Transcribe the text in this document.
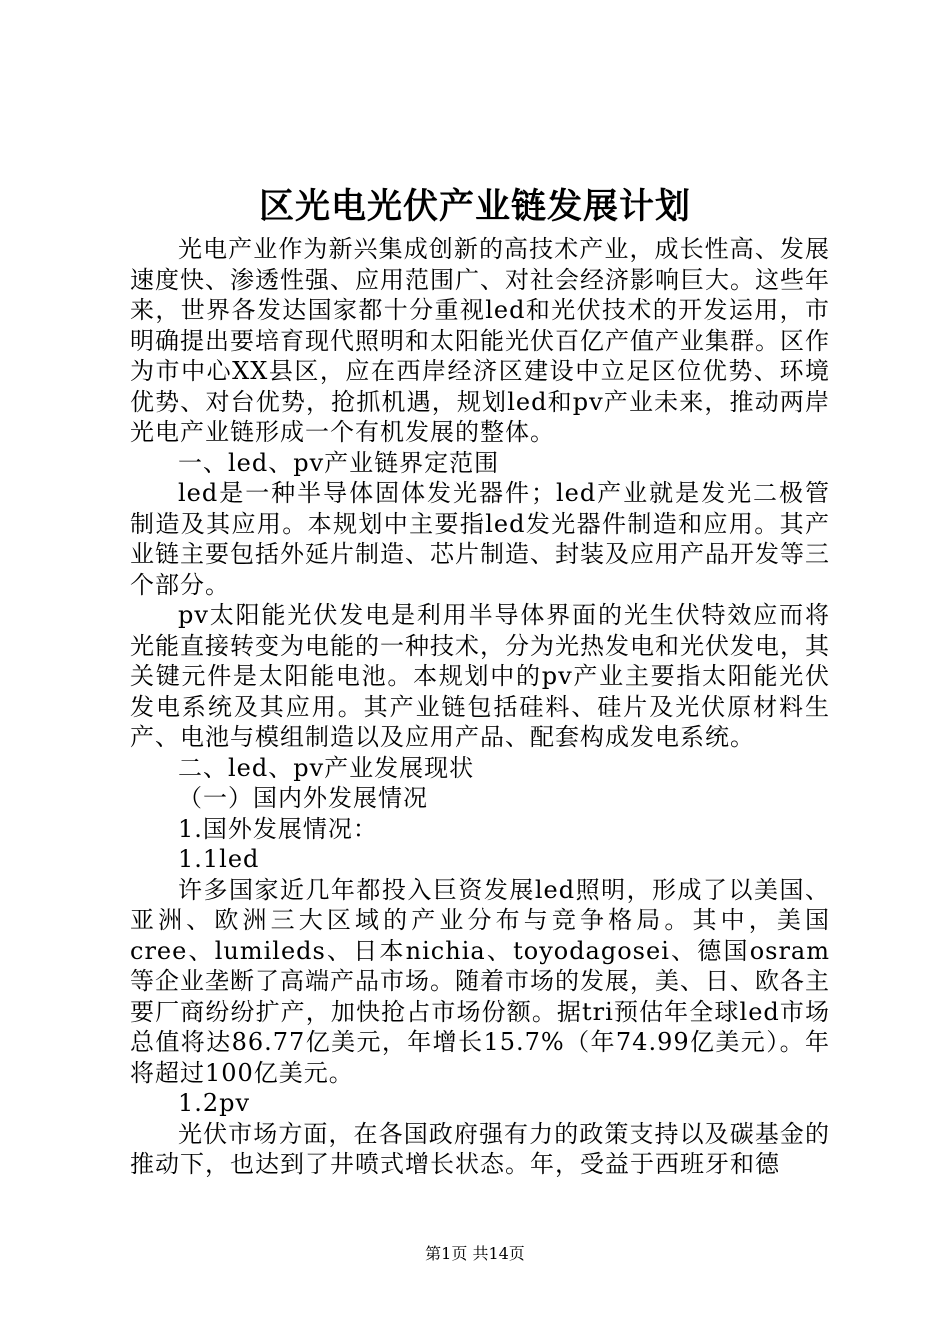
区光电光伏产业链发展计划

光电产业作为新兴集成创新的高技术产业，成长性高、发展速度快、渗透性强、应用范围广、对社会经济影响巨大。这些年来，世界各发达国家都十分重视led和光伏技术的开发运用，市明确提出要培育现代照明和太阳能光伏百亿产值产业集群。区作为市中心XX县区，应在西岸经济区建设中立足区位优势、环境优势、对台优势，抢抓机遇，规划led和pv产业未来，推动两岸光电产业链形成一个有机发展的整体。

一、led、pv产业链界定范围

led是一种半导体固体发光器件；led产业就是发光二极管制造及其应用。本规划中主要指led发光器件制造和应用。其产业链主要包括外延片制造、芯片制造、封装及应用产品开发等三个部分。

pv太阳能光伏发电是利用半导体界面的光生伏特效应而将光能直接转变为电能的一种技术，分为光热发电和光伏发电，其关键元件是太阳能电池。本规划中的pv产业主要指太阳能光伏发电系统及其应用。其产业链包括硅料、硅片及光伏原材料生产、电池与模组制造以及应用产品、配套构成发电系统。

二、led、pv产业发展现状

（一）国内外发展情况

1.国外发展情况：

1.1led

许多国家近几年都投入巨资发展led照明，形成了以美国、亚洲、欧洲三大区域的产业分布与竞争格局。其中，美国cree、lumileds、日本nichia、toyodagosei、德国osram等企业垄断了高端产品市场。随着市场的发展，美、日、欧各主要厂商纷纷扩产，加快抢占市场份额。据tri预估年全球led市场总值将达86.77亿美元，年增长15.7%（年74.99亿美元）。年将超过100亿美元。

1.2pv

光伏市场方面，在各国政府强有力的政策支持以及碳基金的推动下，也达到了井喷式增长状态。年，受益于西班牙和德

第1页 共14页
